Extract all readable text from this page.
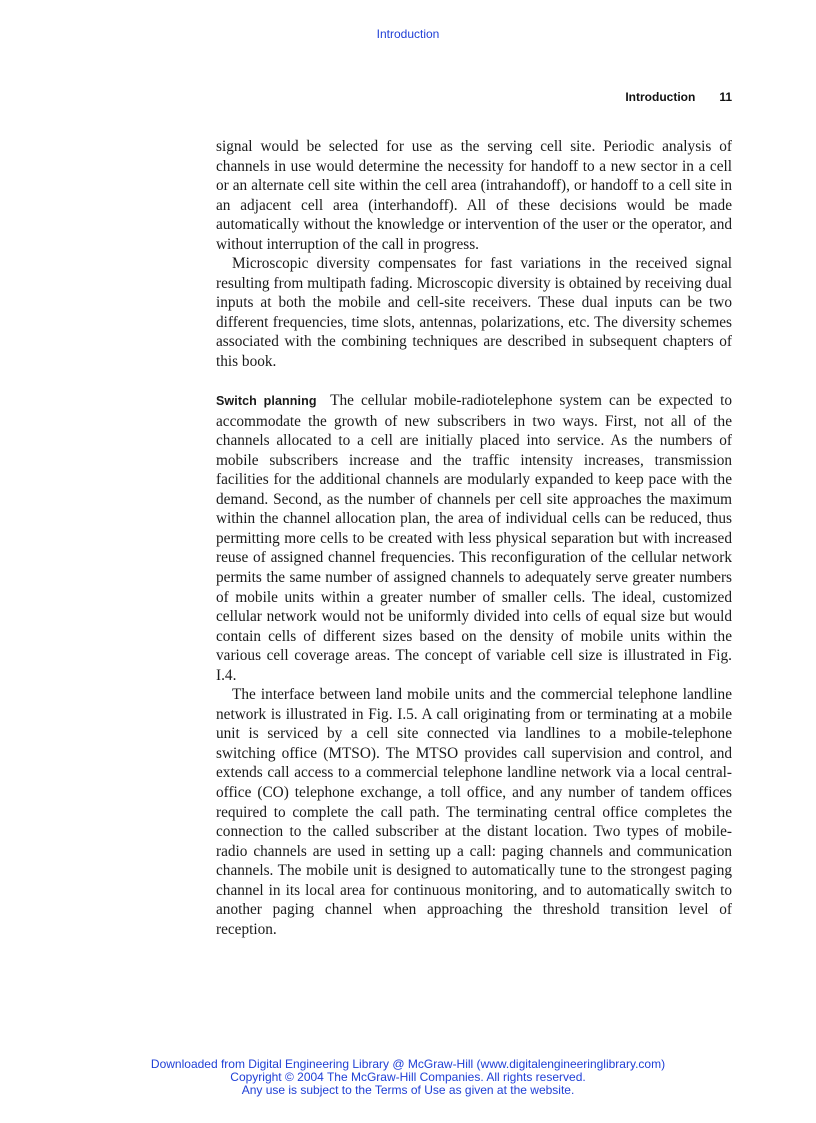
Introduction
Introduction 11

signal would be selected for use as the serving cell site. Periodic analysis of channels in use would determine the necessity for handoff to a new sector in a cell or an alternate cell site within the cell area (intrahandoff), or handoff to a cell site in an adjacent cell area (interhandoff). All of these decisions would be made automatically without the knowledge or intervention of the user or the operator, and without interruption of the call in progress.

Microscopic diversity compensates for fast variations in the received signal resulting from multipath fading. Microscopic diversity is obtained by receiving dual inputs at both the mobile and cell-site receivers. These dual inputs can be two different frequencies, time slots, antennas, polarizations, etc. The diversity schemes associated with the combining techniques are described in subsequent chapters of this book.

Switch planning The cellular mobile-radiotelephone system can be expected to accommodate the growth of new subscribers in two ways. First, not all of the channels allocated to a cell are initially placed into service. As the numbers of mobile subscribers increase and the traffic intensity increases, transmission facilities for the additional channels are modularly expanded to keep pace with the demand. Second, as the number of channels per cell site approaches the maximum within the channel allocation plan, the area of individual cells can be reduced, thus permitting more cells to be created with less physical separation but with increased reuse of assigned channel frequencies. This reconfiguration of the cellular network permits the same number of assigned channels to adequately serve greater numbers of mobile units within a greater number of smaller cells. The ideal, customized cellular network would not be uniformly divided into cells of equal size but would contain cells of different sizes based on the density of mobile units within the various cell coverage areas. The concept of variable cell size is illustrated in Fig. I.4.

The interface between land mobile units and the commercial telephone landline network is illustrated in Fig. I.5. A call originating from or terminating at a mobile unit is serviced by a cell site connected via landlines to a mobile-telephone switching office (MTSO). The MTSO provides call supervision and control, and extends call access to a commercial telephone landline network via a local central-office (CO) telephone exchange, a toll office, and any number of tandem offices required to complete the call path. The terminating central office completes the connection to the called subscriber at the distant location. Two types of mobile-radio channels are used in setting up a call: paging channels and communication channels. The mobile unit is designed to automatically tune to the strongest paging channel in its local area for continuous monitoring, and to automatically switch to another paging channel when approaching the threshold transition level of reception.

Downloaded from Digital Engineering Library @ McGraw-Hill (www.digitalengineeringlibrary.com)
Copyright © 2004 The McGraw-Hill Companies. All rights reserved.
Any use is subject to the Terms of Use as given at the website.
